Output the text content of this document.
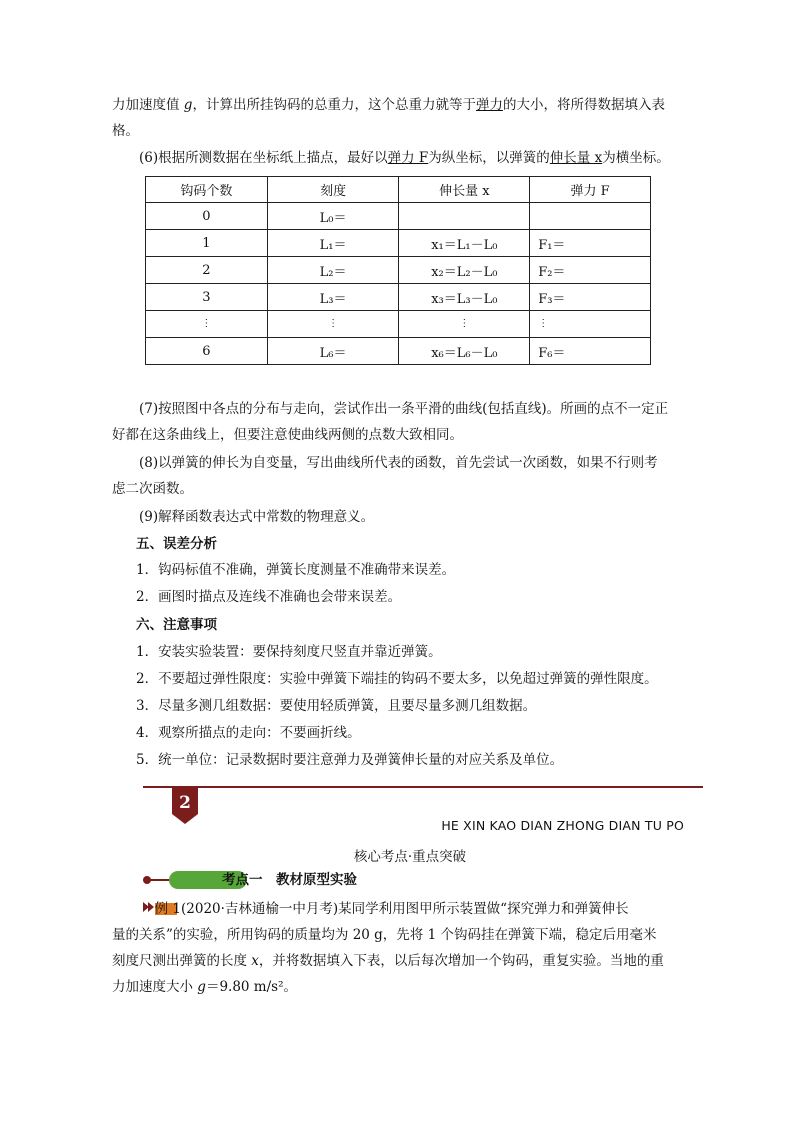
力加速度值 g，计算出所挂钩码的总重力，这个总重力就等于弹力的大小，将所得数据填入表
格。

(6)根据所测数据在坐标纸上描点，最好以弹力 F为纵坐标，以弹簧的伸长量 x为横坐标。

钩码个数	刻度	伸长量 x	弹力 F
0	L₀＝		
1	L₁＝	x₁＝L₁－L₀	F₁＝
2	L₂＝	x₂＝L₂－L₀	F₂＝
3	L₃＝	x₃＝L₃－L₀	F₃＝
⋮	⋮	⋮	⋮
6	L₆＝	x₆＝L₆－L₀	F₆＝

(7)按照图中各点的分布与走向，尝试作出一条平滑的曲线(包括直线)。所画的点不一定正
好都在这条曲线上，但要注意使曲线两侧的点数大致相同。

(8)以弹簧的伸长为自变量，写出曲线所代表的函数，首先尝试一次函数，如果不行则考
虑二次函数。

(9)解释函数表达式中常数的物理意义。

五、误差分析
1．钩码标值不准确，弹簧长度测量不准确带来误差。
2．画图时描点及连线不准确也会带来误差。
六、注意事项
1．安装实验装置：要保持刻度尺竖直并靠近弹簧。
2．不要超过弹性限度：实验中弹簧下端挂的钩码不要太多，以免超过弹簧的弹性限度。
3．尽量多测几组数据：要使用轻质弹簧，且要尽量多测几组数据。
4．观察所描点的走向：不要画折线。
5．统一单位：记录数据时要注意弹力及弹簧伸长量的对应关系及单位。
2
HE XIN KAO DIAN ZHONG DIAN TU PO
核心考点·重点突破
考点一　教材原型实验

例 1(2020·吉林通榆一中月考)某同学利用图甲所示装置做“探究弹力和弹簧伸长
量的关系”的实验，所用钩码的质量均为 20 g，先将 1 个钩码挂在弹簧下端，稳定后用毫米
刻度尺测出弹簧的长度 x，并将数据填入下表，以后每次增加一个钩码，重复实验。当地的重
力加速度大小 g＝9.80 m/s²。
